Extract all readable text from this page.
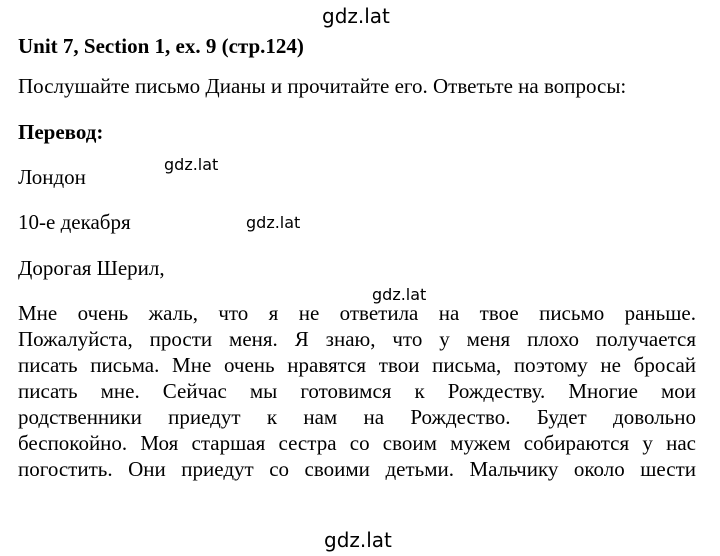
gdz.lat
gdz.lat
gdz.lat
gdz.lat
gdz.lat
Unit 7, Section 1, ex. 9 (стр.124)
Послушайте письмо Дианы и прочитайте его. Ответьте на вопросы:
Перевод:
Лондон
10-е декабря
Дорогая Шерил,

Мне очень жаль, что я не ответила на твое письмо раньше.

Пожалуйста, прости меня. Я знаю, что у меня плохо получается

писать письма. Мне очень нравятся твои письма, поэтому не бросай

писать мне. Сейчас мы готовимся к Рождеству. Многие мои

родственники приедут к нам на Рождество. Будет довольно

беспокойно. Моя старшая сестра со своим мужем собираются у нас

погостить. Они приедут со своими детьми. Мальчику около шести
